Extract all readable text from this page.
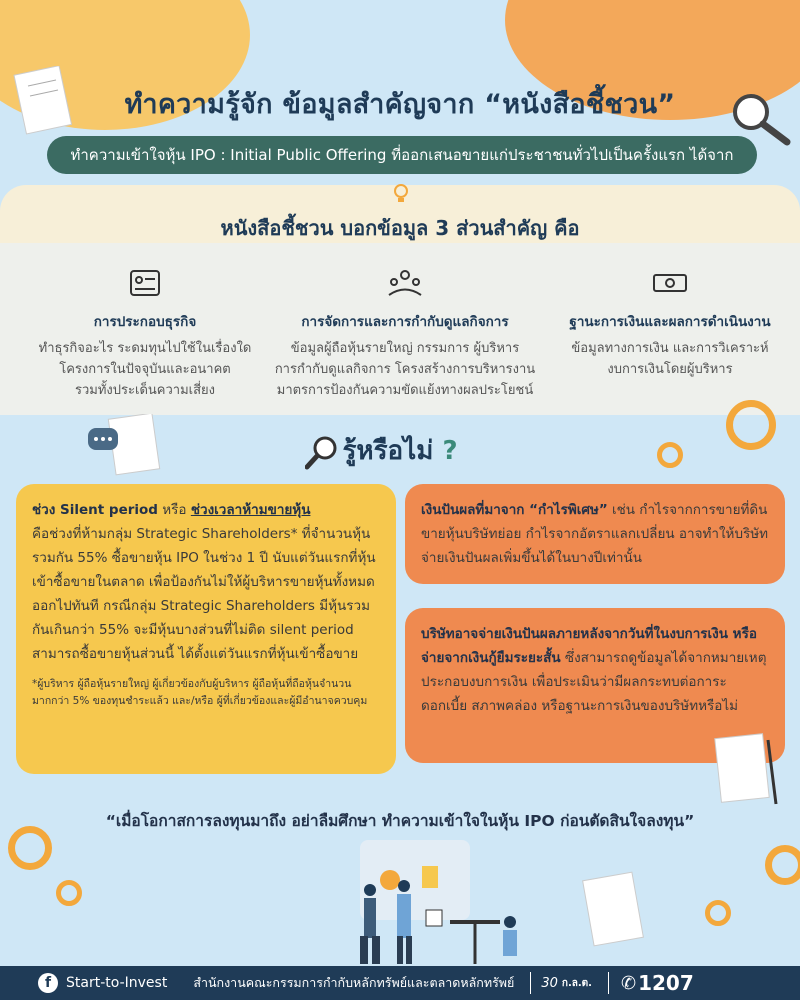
ทำความรู้จัก ข้อมูลสำคัญจาก “หนังสือชี้ชวน”
ทำความเข้าใจหุ้น IPO : Initial Public Offering ที่ออกเสนอขายแก่ประชาชนทั่วไปเป็นครั้งแรก ได้จาก
หนังสือชี้ชวน บอกข้อมูล 3 ส่วนสำคัญ คือ
การประกอบธุรกิจ
ทำธุรกิจอะไร ระดมทุนไปใช้ในเรื่องใด
โครงการในปัจจุบันและอนาคต
รวมทั้งประเด็นความเสี่ยง
การจัดการและการกำกับดูแลกิจการ
ข้อมูลผู้ถือหุ้นรายใหญ่ กรรมการ ผู้บริหาร
การกำกับดูแลกิจการ โครงสร้างการบริหารงาน
มาตรการป้องกันความขัดแย้งทางผลประโยชน์
ฐานะการเงินและผลการดำเนินงาน
ข้อมูลทางการเงิน และการวิเคราะห์
งบการเงินโดยผู้บริหาร
รู้หรือไม่ ?
ช่วง Silent period หรือ ช่วงเวลาห้ามขายหุ้น
คือช่วงที่ห้ามกลุ่ม Strategic Shareholders* ที่จำนวนหุ้นรวมกัน 55% ซื้อขายหุ้น IPO ในช่วง 1 ปี นับแต่วันแรกที่หุ้นเข้าซื้อขายในตลาด เพื่อป้องกันไม่ให้ผู้บริหารขายหุ้นทั้งหมดออกไปทันที กรณีกลุ่ม Strategic Shareholders มีหุ้นรวมกันเกินกว่า 55% จะมีหุ้นบางส่วนที่ไม่ติด silent period สามารถซื้อขายหุ้นส่วนนี้ ได้ตั้งแต่วันแรกที่หุ้นเข้าซื้อขาย
*ผู้บริหาร ผู้ถือหุ้นรายใหญ่ ผู้เกี่ยวข้องกับผู้บริหาร ผู้ถือหุ้นที่ถือหุ้นจำนวนมากกว่า 5% ของทุนชำระแล้ว และ/หรือ ผู้ที่เกี่ยวข้องและผู้มีอำนาจควบคุม
เงินปันผลที่มาจาก “กำไรพิเศษ” เช่น กำไรจากการขายที่ดินขายหุ้นบริษัทย่อย กำไรจากอัตราแลกเปลี่ยน อาจทำให้บริษัทจ่ายเงินปันผลเพิ่มขึ้นได้ในบางปีเท่านั้น
บริษัทอาจจ่ายเงินปันผลภายหลังจากวันที่ในงบการเงิน หรือจ่ายจากเงินกู้ยืมระยะสั้น ซึ่งสามารถดูข้อมูลได้จากหมายเหตุประกอบงบการเงิน เพื่อประเมินว่ามีผลกระทบต่อการะดอกเบี้ย สภาพคล่อง หรือฐานะการเงินของบริษัทหรือไม่
“เมื่อโอกาสการลงทุนมาถึง อย่าลืมศึกษา ทำความเข้าใจในหุ้น IPO ก่อนตัดสินใจลงทุน”
f	Start-to-Invest สำนักงานคณะกรรมการกำกับหลักทรัพย์และตลาดหลักทรัพย์ 30 ก.ล.ต. ✆ 1207
